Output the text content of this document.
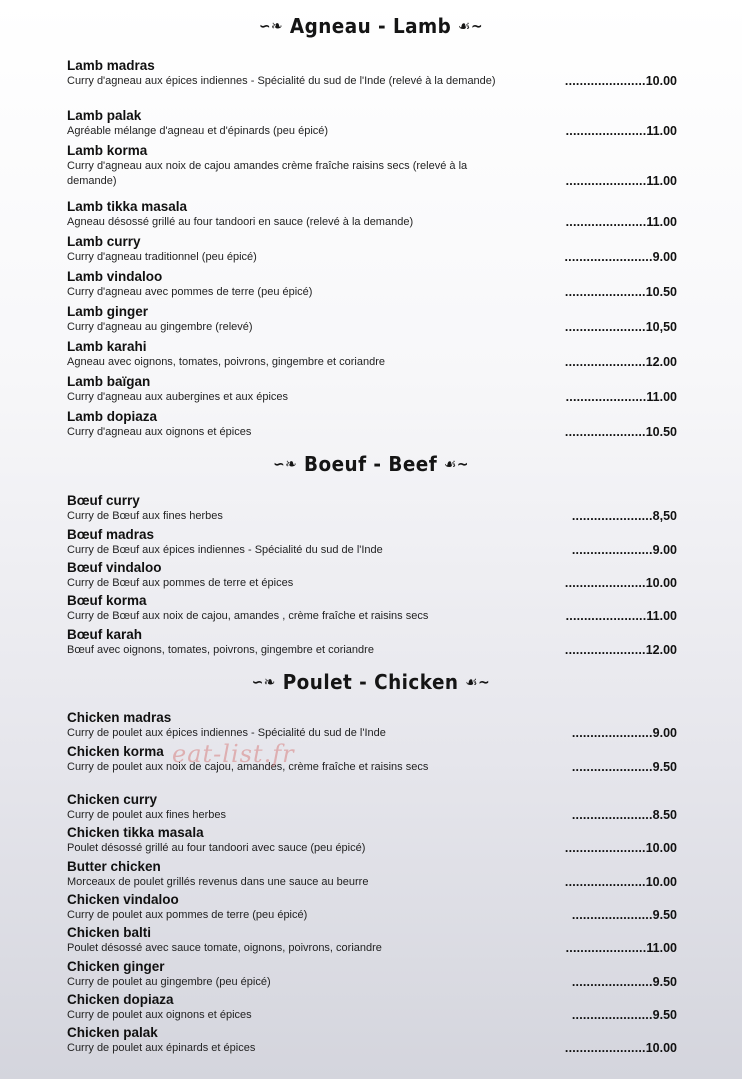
∽❧ Agneau - Lamb ☙∼
Lamb madras
Curry d'agneau aux épices indiennes - Spécialité du sud de l'Inde (relevé à la demande)	......................10.00
Lamb palak
Agréable mélange d'agneau et d'épinards (peu épicé)	......................11.00
Lamb korma
Curry d'agneau aux noix de cajou amandes crème fraîche raisins secs (relevé à la demande)	......................11.00
Lamb tikka masala
Agneau désossé grillé au four tandoori en sauce (relevé à la demande)	......................11.00
Lamb curry
Curry d'agneau traditionnel (peu épicé)	........................9.00
Lamb vindaloo
Curry d'agneau avec pommes de terre (peu épicé)	......................10.50
Lamb ginger
Curry d'agneau au gingembre (relevé)	......................10,50
Lamb karahi
Agneau avec oignons, tomates, poivrons, gingembre et coriandre	......................12.00
Lamb baïgan
Curry d'agneau aux aubergines et aux épices	......................11.00
Lamb dopiaza
Curry d'agneau aux oignons et épices	......................10.50
∽❧ Boeuf - Beef ☙∼
Bœuf curry
Curry de Bœuf aux fines herbes	......................8,50
Bœuf madras
Curry de Bœuf aux épices indiennes - Spécialité du sud de l'Inde	......................9.00
Bœuf vindaloo
Curry de Bœuf aux pommes de terre et épices	......................10.00
Bœuf korma
Curry de Bœuf aux noix de cajou, amandes , crème fraîche et raisins secs	......................11.00
Bœuf karah
Bœuf avec oignons, tomates, poivrons, gingembre et coriandre	......................12.00
∽❧ Poulet - Chicken ☙∼
Chicken madras
Curry de poulet aux épices indiennes - Spécialité du sud de l'Inde	......................9.00
Chicken korma
Curry de poulet aux noix de cajou, amandes, crème fraîche et raisins secs	......................9.50
Chicken curry
Curry de poulet aux fines herbes	......................8.50
Chicken tikka masala
Poulet désossé grillé au four tandoori avec sauce (peu épicé)	......................10.00
Butter chicken
Morceaux de poulet grillés revenus dans une sauce au beurre	......................10.00
Chicken vindaloo
Curry de poulet aux pommes de terre (peu épicé)	......................9.50
Chicken balti
Poulet désossé avec sauce tomate, oignons, poivrons, coriandre	......................11.00
Chicken ginger
Curry de poulet au gingembre (peu épicé)	......................9.50
Chicken dopiaza
Curry de poulet aux oignons et épices	......................9.50
Chicken palak
Curry de poulet aux épinards et épices	......................10.00
eat-list.fr
